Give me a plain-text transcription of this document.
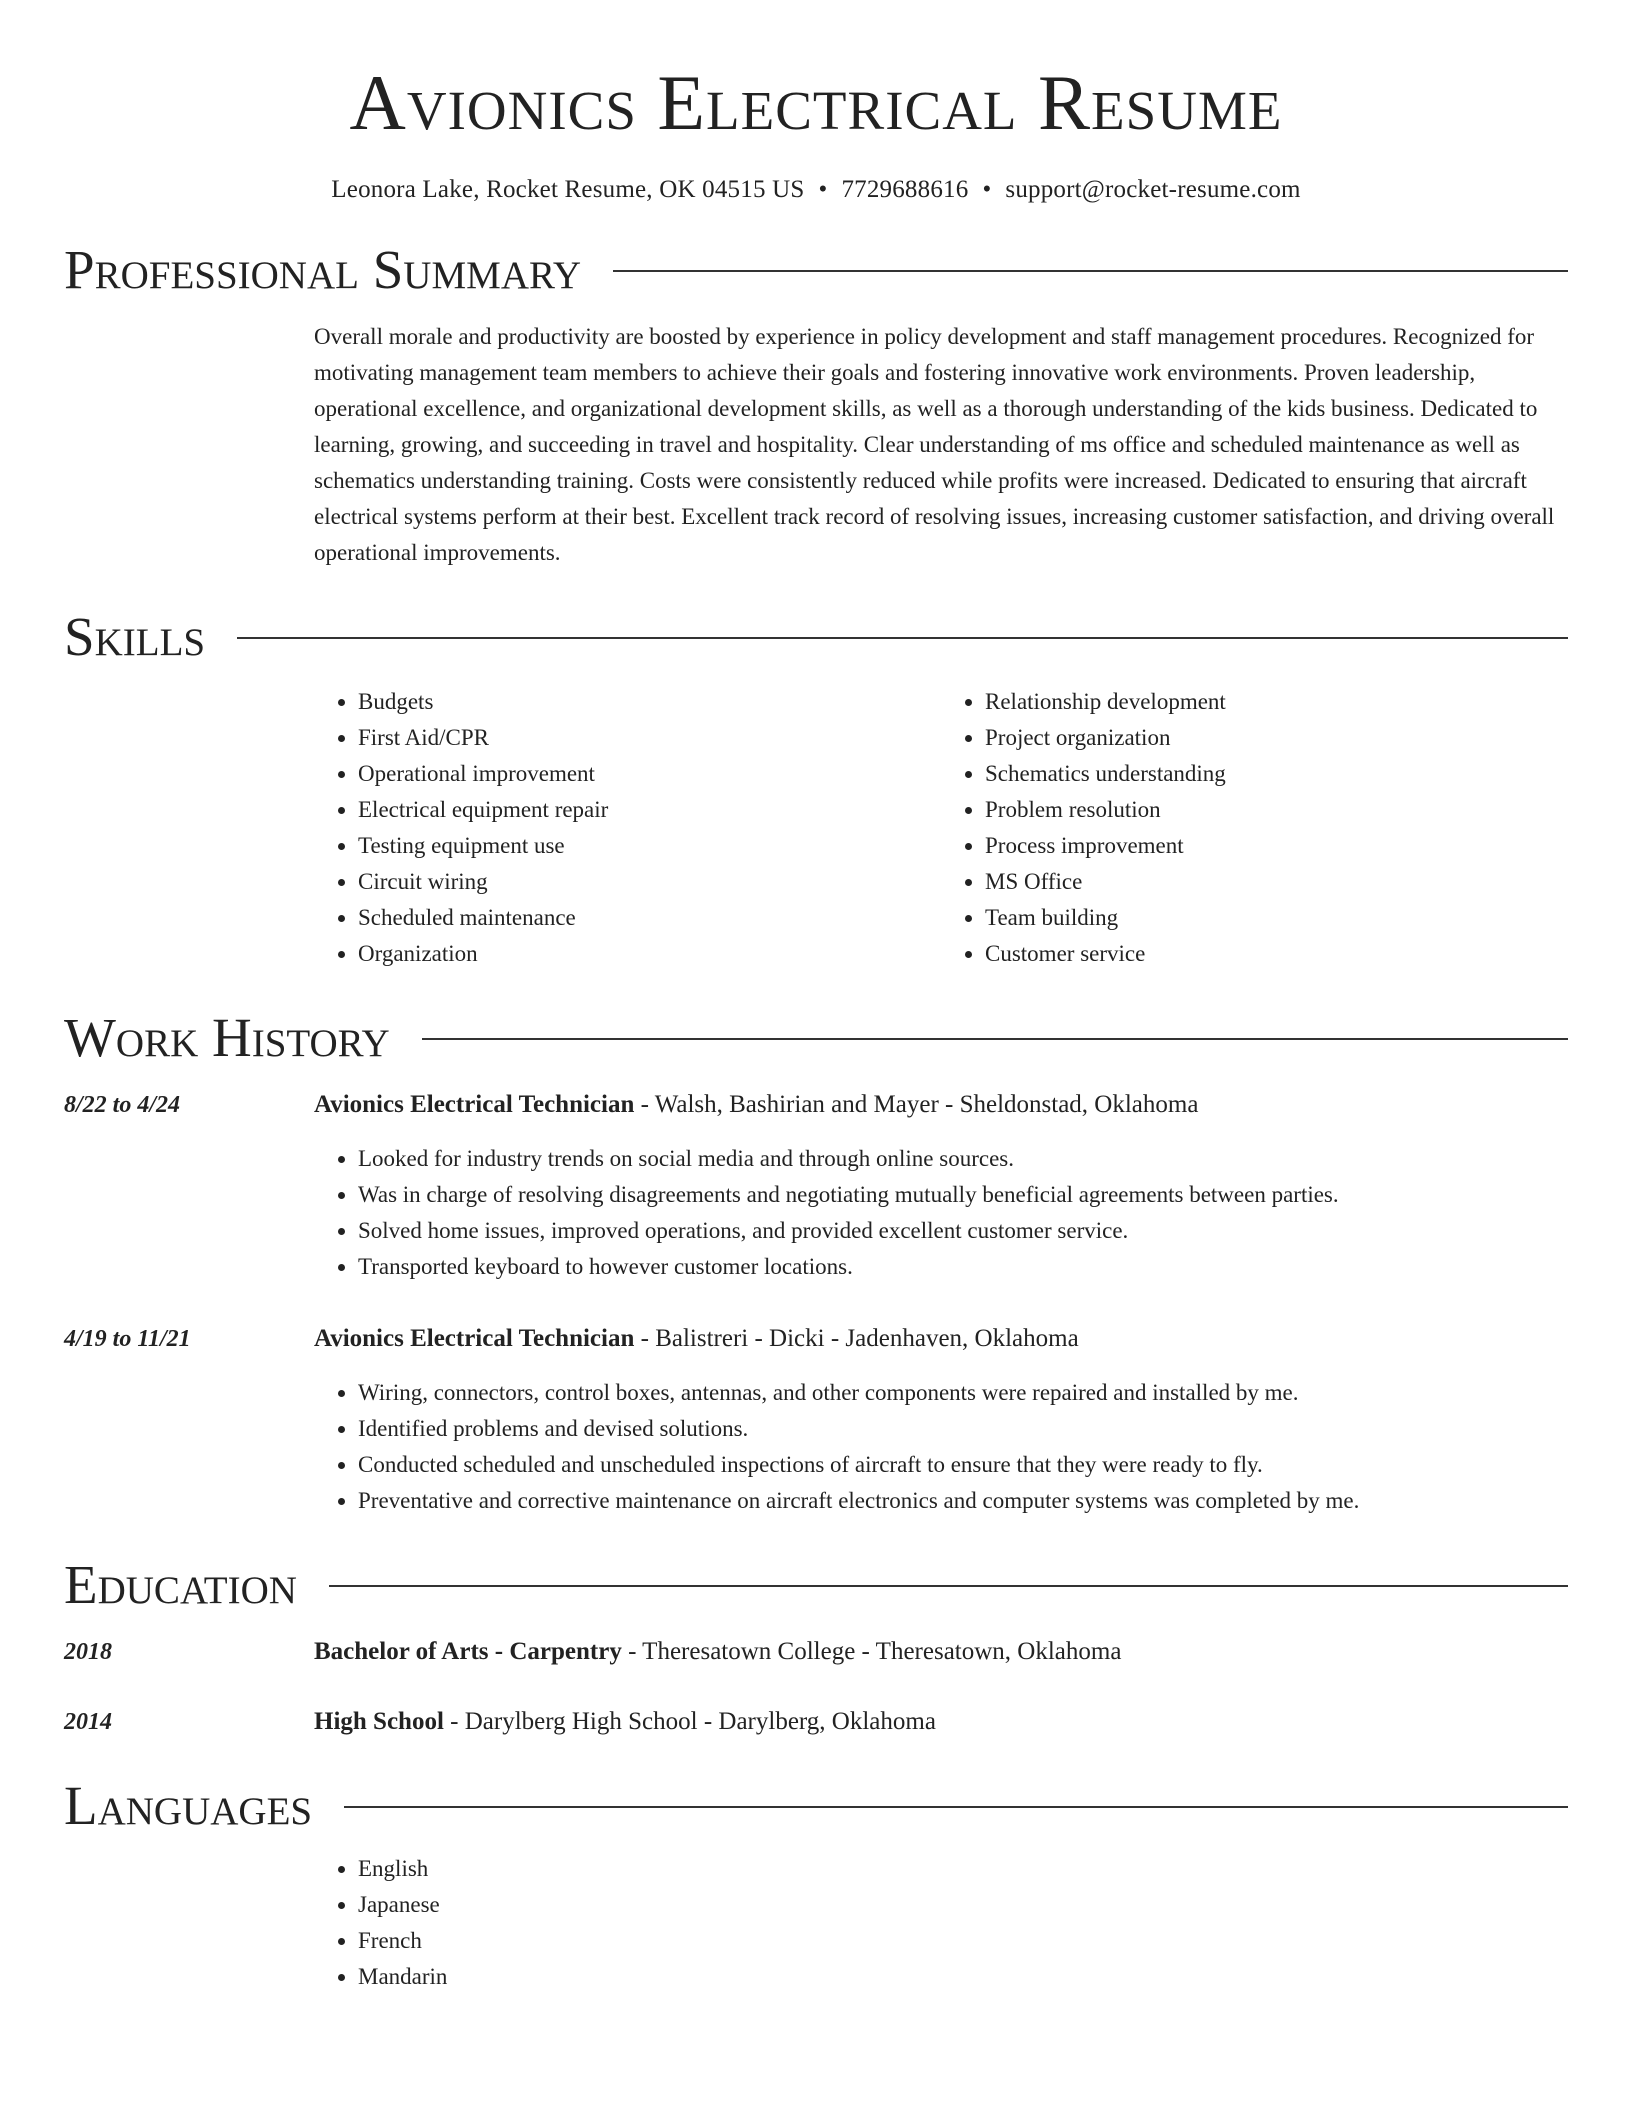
Avionics Electrical Resume
Leonora Lake, Rocket Resume, OK 04515 US • 7729688616 • support@rocket-resume.com
Professional Summary
Overall morale and productivity are boosted by experience in policy development and staff management procedures. Recognized for motivating management team members to achieve their goals and fostering innovative work environments. Proven leadership, operational excellence, and organizational development skills, as well as a thorough understanding of the kids business. Dedicated to learning, growing, and succeeding in travel and hospitality. Clear understanding of ms office and scheduled maintenance as well as schematics understanding training. Costs were consistently reduced while profits were increased. Dedicated to ensuring that aircraft electrical systems perform at their best. Excellent track record of resolving issues, increasing customer satisfaction, and driving overall operational improvements.
Skills
• Budgets
• First Aid/CPR
• Operational improvement
• Electrical equipment repair
• Testing equipment use
• Circuit wiring
• Scheduled maintenance
• Organization
• Relationship development
• Project organization
• Schematics understanding
• Problem resolution
• Process improvement
• MS Office
• Team building
• Customer service
Work History
8/22 to 4/24	Avionics Electrical Technician - Walsh, Bashirian and Mayer - Sheldonstad, Oklahoma
• Looked for industry trends on social media and through online sources.
• Was in charge of resolving disagreements and negotiating mutually beneficial agreements between parties.
• Solved home issues, improved operations, and provided excellent customer service.
• Transported keyboard to however customer locations.
4/19 to 11/21	Avionics Electrical Technician - Balistreri - Dicki - Jadenhaven, Oklahoma
• Wiring, connectors, control boxes, antennas, and other components were repaired and installed by me.
• Identified problems and devised solutions.
• Conducted scheduled and unscheduled inspections of aircraft to ensure that they were ready to fly.
• Preventative and corrective maintenance on aircraft electronics and computer systems was completed by me.
Education
2018	Bachelor of Arts - Carpentry - Theresatown College - Theresatown, Oklahoma
2014	High School - Darylberg High School - Darylberg, Oklahoma
Languages
• English
• Japanese
• French
• Mandarin
